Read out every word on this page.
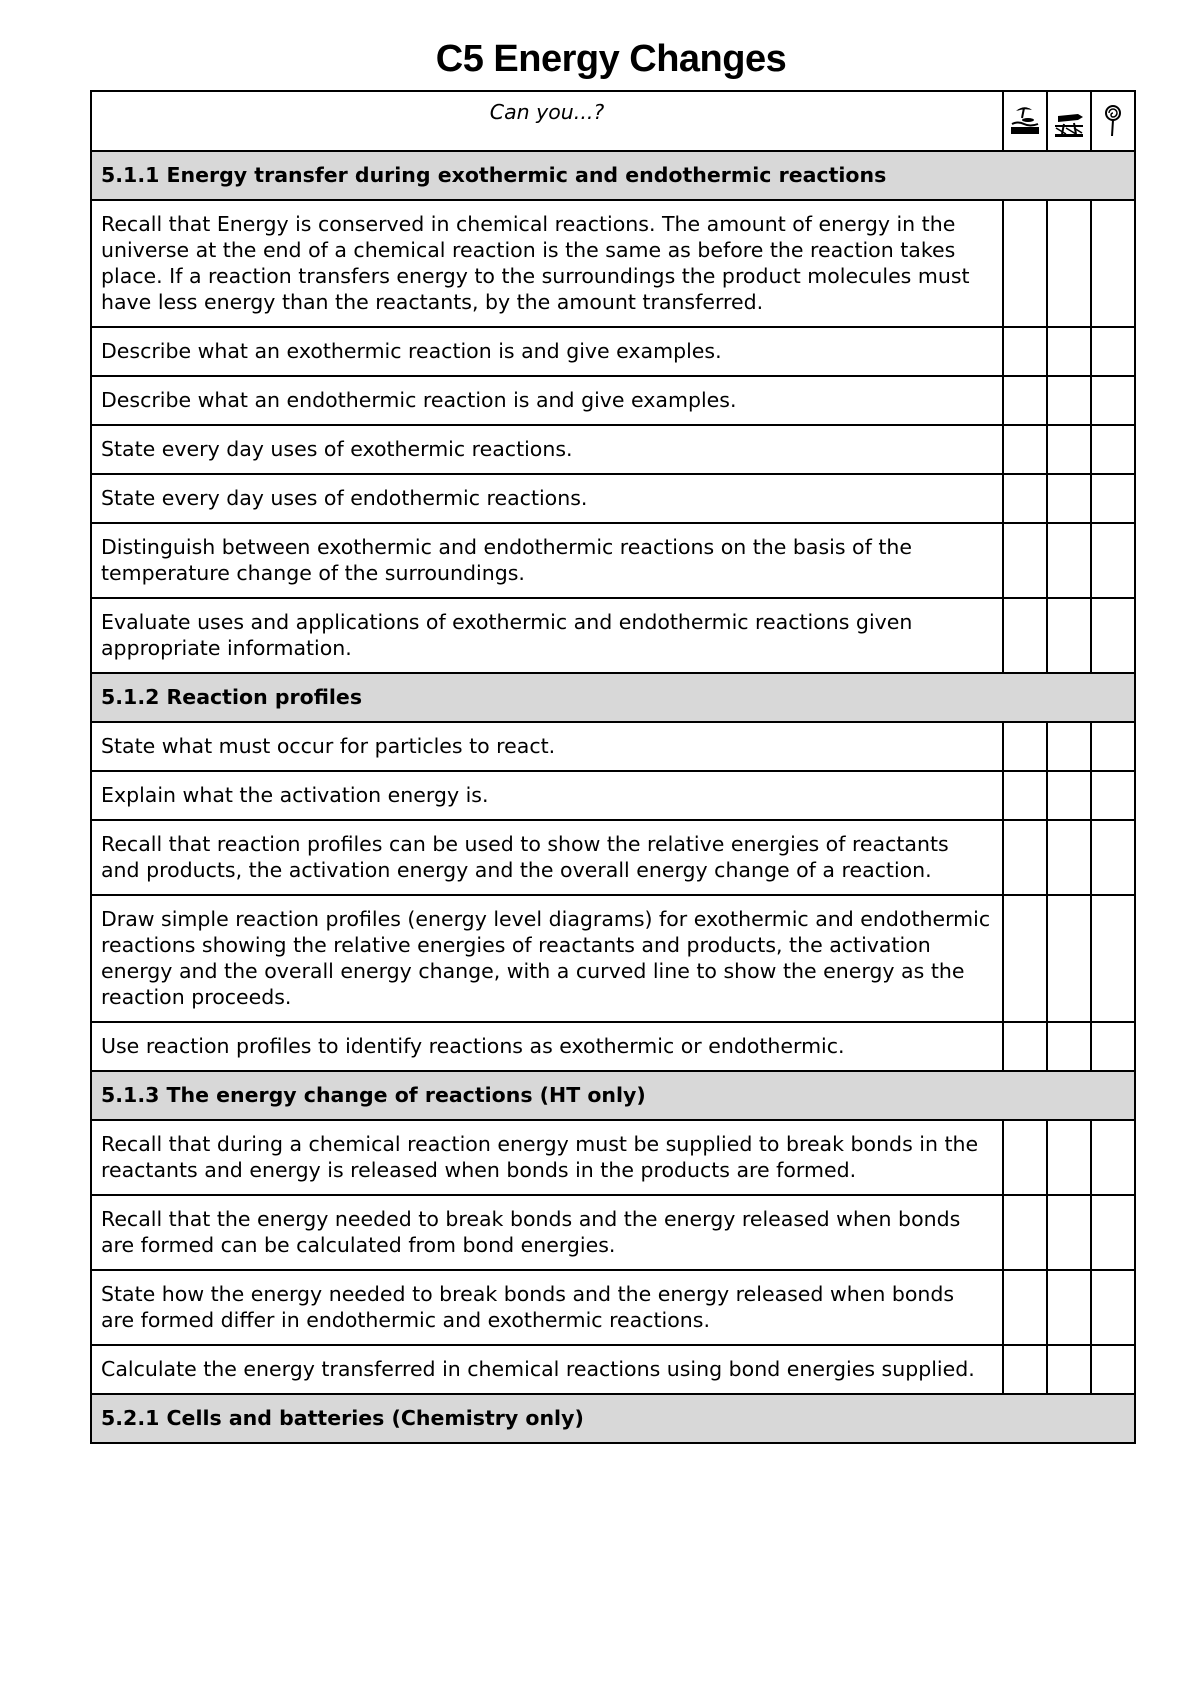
C5 Energy Changes
Can you...?	

5.1.1 Energy transfer during exothermic and endothermic reactions			
Recall that Energy is conserved in chemical reactions. The amount of energy in the universe at the end of a chemical reaction is the same as before the reaction takes place. If a reaction transfers energy to the surroundings the product molecules must have less energy than the reactants, by the amount transferred.			
Describe what an exothermic reaction is and give examples.			
Describe what an endothermic reaction is and give examples.			
State every day uses of exothermic reactions.			
State every day uses of endothermic reactions.			
Distinguish between exothermic and endothermic reactions on the basis of the temperature change of the surroundings.			
Evaluate uses and applications of exothermic and endothermic reactions given appropriate information.			
5.1.2 Reaction profiles			
State what must occur for particles to react.			
Explain what the activation energy is.			
Recall that reaction profiles can be used to show the relative energies of reactants and products, the activation energy and the overall energy change of a reaction.			
Draw simple reaction profiles (energy level diagrams) for exothermic and endothermic reactions showing the relative energies of reactants and products, the activation energy and the overall energy change, with a curved line to show the energy as the reaction proceeds.			
Use reaction profiles to identify reactions as exothermic or endothermic.			
5.1.3 The energy change of reactions (HT only)			
Recall that during a chemical reaction energy must be supplied to break bonds in the reactants and energy is released when bonds in the products are formed.			
Recall that the energy needed to break bonds and the energy released when bonds are formed can be calculated from bond energies.			
State how the energy needed to break bonds and the energy released when bonds are formed differ in endothermic and exothermic reactions.			
Calculate the energy transferred in chemical reactions using bond energies supplied.			
5.2.1 Cells and batteries (Chemistry only)			
